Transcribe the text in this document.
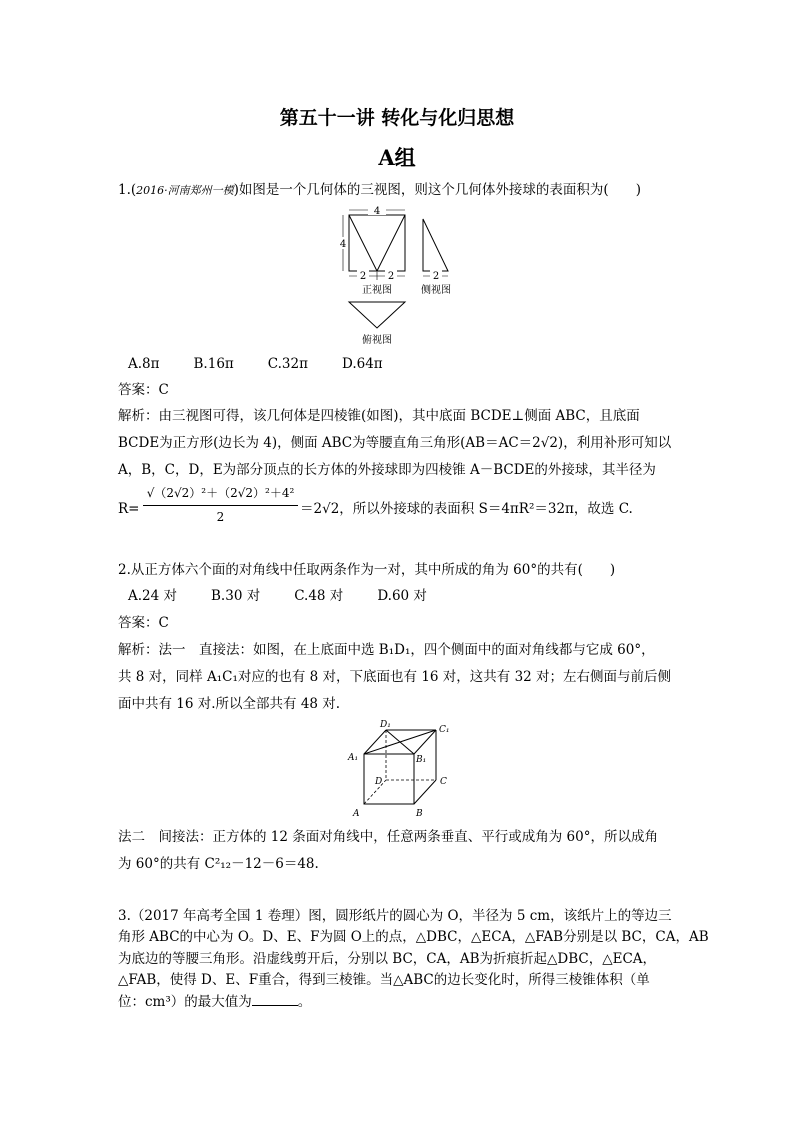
第五十一讲 转化与化归思想
A组
1.(2016·河南郑州一模)如图是一个几何体的三视图，则这个几何体外接球的表面积为(　　)
4
4
2 2
正视图
2
侧视图
俯视图
A.8π	B.16π	C.32π	D.64π
答案：C
解析：由三视图可得，该几何体是四棱锥(如图)，其中底面 BCDE⊥侧面 ABC，且底面
BCDE为正方形(边长为 4)，侧面 ABC为等腰直角三角形(AB＝AC＝2√2)，利用补形可知以
A，B，C，D，E为部分顶点的长方体的外接球即为四棱锥 A－BCDE的外接球，其半径为
R=
√（2√2）²＋（2√2）²＋4²
2	＝2√2，所以外接球的表面积 S＝4πR²＝32π，故选 C.
2.从正方体六个面的对角线中任取两条作为一对，其中所成的角为 60°的共有(　　)
A.24 对	B.30 对	C.48 对	D.60 对
答案：C
解析：法一　直接法：如图，在上底面中选 B₁D₁，四个侧面中的面对角线都与它成 60°，
共 8 对，同样 A₁C₁对应的也有 8 对，下底面也有 16 对，这共有 32 对；左右侧面与前后侧
面中共有 16 对.所以全部共有 48 对.
D₁	C₁
A₁	B₁
D	C
A	B
法二　间接法：正方体的 12 条面对角线中，任意两条垂直、平行或成角为 60°，所以成角
为 60°的共有 C²₁₂－12－6＝48.
3.（2017 年高考全国 1 卷理）图，圆形纸片的圆心为 O，半径为 5 cm，该纸片上的等边三
角形 ABC的中心为 O。D、E、F为圆 O上的点，△DBC，△ECA，△FAB分别是以 BC，CA，AB
为底边的等腰三角形。沿虚线剪开后，分别以 BC，CA，AB为折痕折起△DBC，△ECA，
△FAB，使得 D、E、F重合，得到三棱锥。当△ABC的边长变化时，所得三棱锥体积（单
位：cm³）的最大值为	。
